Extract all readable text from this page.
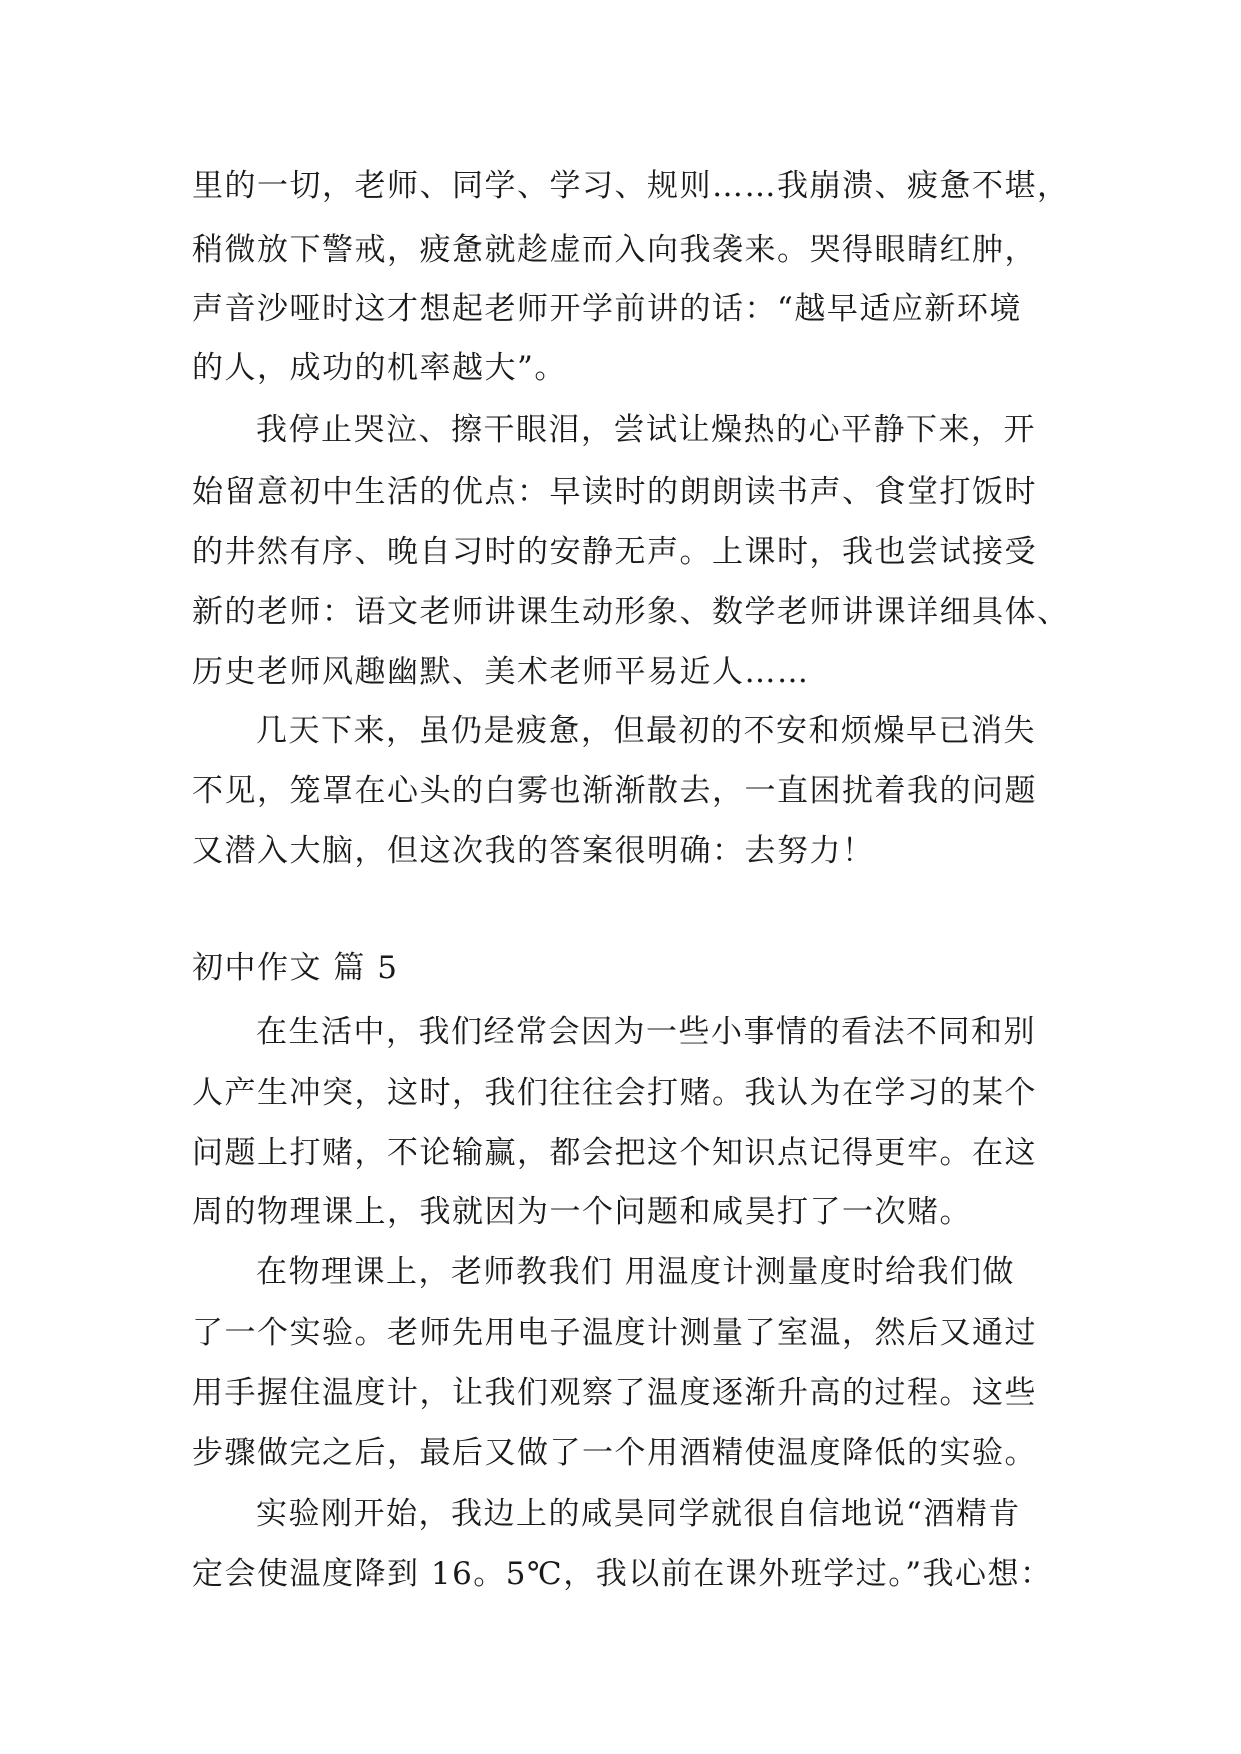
里的一切，老师、同学、学习、规则……我崩溃、疲惫不堪，
稍微放下警戒，疲惫就趁虚而入向我袭来。哭得眼睛红肿，
声音沙哑时这才想起老师开学前讲的话：“越早适应新环境
的人，成功的机率越大”。
我停止哭泣、擦干眼泪，尝试让燥热的心平静下来，开
始留意初中生活的优点：早读时的朗朗读书声、食堂打饭时
的井然有序、晚自习时的安静无声。上课时，我也尝试接受
新的老师：语文老师讲课生动形象、数学老师讲课详细具体、
历史老师风趣幽默、美术老师平易近人……
几天下来，虽仍是疲惫，但最初的不安和烦燥早已消失
不见，笼罩在心头的白雾也渐渐散去，一直困扰着我的问题
又潜入大脑，但这次我的答案很明确：去努力！
初中作文 篇 5
在生活中，我们经常会因为一些小事情的看法不同和别
人产生冲突，这时，我们往往会打赌。我认为在学习的某个
问题上打赌，不论输赢，都会把这个知识点记得更牢。在这
周的物理课上，我就因为一个问题和咸昊打了一次赌。
在物理课上，老师教我们 用温度计测量度时给我们做
了一个实验。老师先用电子温度计测量了室温，然后又通过
用手握住温度计，让我们观察了温度逐渐升高的过程。这些
步骤做完之后，最后又做了一个用酒精使温度降低的实验。
实验刚开始，我边上的咸昊同学就很自信地说“酒精肯
定会使温度降到 16。5℃，我以前在课外班学过。”我心想：
